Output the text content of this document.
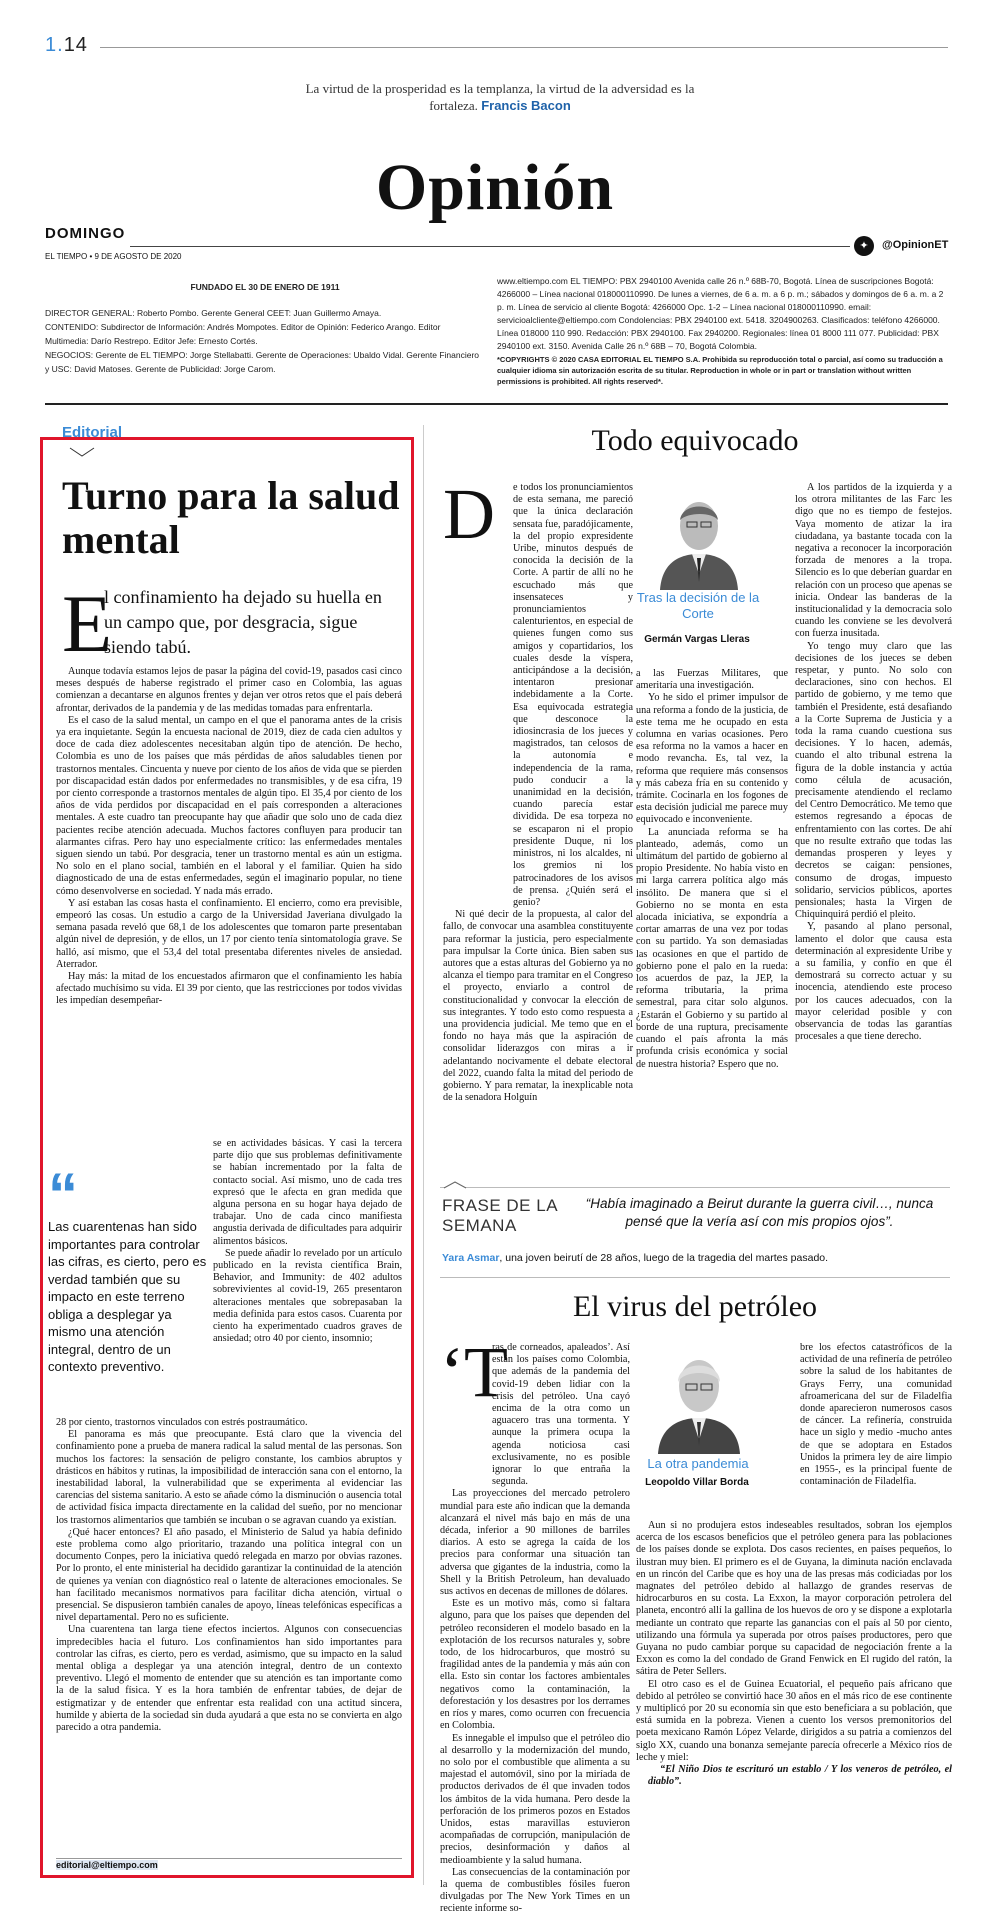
1.14
La virtud de la prosperidad es la templanza, la virtud de la adversidad es la fortaleza. Francis Bacon
Opinión
DOMINGO
EL TIEMPO • 9 DE AGOSTO DE 2020
✦	@OpinionET
FUNDADO EL 30 DE ENERO DE 1911
DIRECTOR GENERAL: Roberto Pombo. Gerente General CEET: Juan Guillermo Amaya.
CONTENIDO: Subdirector de Información: Andrés Mompotes. Editor de Opinión: Federico Arango. Editor Multimedia: Darío Restrepo. Editor Jefe: Ernesto Cortés.
NEGOCIOS: Gerente de EL TIEMPO: Jorge Stellabatti. Gerente de Operaciones: Ubaldo Vidal. Gerente Financiero y USC: David Matoses. Gerente de Publicidad: Jorge Carom.
www.eltiempo.com EL TIEMPO: PBX 2940100 Avenida calle 26 n.º 68B-70, Bogotá. Línea de suscripciones Bogotá: 4266000 – Línea nacional 018000110990. De lunes a viernes, de 6 a. m. a 6 p. m.; sábados y domingos de 6 a. m. a 2 p. m. Línea de servicio al cliente Bogotá: 4266000 Opc. 1-2 – Línea nacional 018000110990. email: servicioalcliente@eltiempo.com Condolencias: PBX 2940100 ext. 5418. 3204900263. Clasificados: teléfono 4266000. Línea 018000 110 990. Redacción: PBX 2940100. Fax 2940200. Regionales: línea 01 8000 111 077. Publicidad: PBX 2940100 ext. 3150. Avenida Calle 26 n.º 68B – 70, Bogotá Colombia.
*COPYRIGHTS © 2020 CASA EDITORIAL EL TIEMPO S.A. Prohibida su reproducción total o parcial, así como su traducción a cualquier idioma sin autorización escrita de su titular. Reproduction in whole or in part or translation without written permissions is prohibited. All rights reserved*.
Editorial
Turno para la salud mental
E
l confinamiento ha dejado su huella en un campo que, por desgracia, sigue siendo tabú.

Aunque todavía estamos lejos de pasar la página del covid-19, pasados casi cinco meses después de haberse registrado el primer caso en Colombia, las aguas comienzan a decantarse en algunos frentes y dejan ver otros retos que el país deberá afrontar, derivados de la pandemia y de las medidas tomadas para enfrentarla.

Es el caso de la salud mental, un campo en el que el panorama antes de la crisis ya era inquietante. Según la encuesta nacional de 2019, diez de cada cien adultos y doce de cada diez adolescentes necesitaban algún tipo de atención. De hecho, Colombia es uno de los países que más pérdidas de años saludables tienen por trastornos mentales. Cincuenta y nueve por ciento de los años de vida que se pierden por discapacidad están dados por enfermedades no transmisibles, y de esa cifra, 19 por ciento corresponde a trastornos mentales de algún tipo. El 35,4 por ciento de los años de vida perdidos por discapacidad en el país corresponden a alteraciones mentales. A este cuadro tan preocupante hay que añadir que solo uno de cada diez pacientes recibe atención adecuada. Muchos factores confluyen para producir tan alarmantes cifras. Pero hay uno especialmente crítico: las enfermedades mentales siguen siendo un tabú. Por desgracia, tener un trastorno mental es aún un estigma. No solo en el plano social, también en el laboral y el familiar. Quien ha sido diagnosticado de una de estas enfermedades, según el imaginario popular, no tiene cómo desenvolverse en sociedad. Y nada más errado.

Y así estaban las cosas hasta el confinamiento. El encierro, como era previsible, empeoró las cosas. Un estudio a cargo de la Universidad Javeriana divulgado la semana pasada reveló que 68,1 de los adolescentes que tomaron parte presentaban algún nivel de depresión, y de ellos, un 17 por ciento tenía sintomatología grave. Se halló, así mismo, que el 53,4 del total presentaba diferentes niveles de ansiedad. Aterrador.

Hay más: la mitad de los encuestados afirmaron que el confinamiento les había afectado muchísimo su vida. El 39 por ciento, que las restricciones por todos vividas les impedían desempeñar-

“
Las cuarentenas han sido importantes para controlar las cifras, es cierto, pero es verdad también que su impacto en este terreno obliga a desplegar ya mismo una atención integral, dentro de un contexto preventivo.

se en actividades básicas. Y casi la tercera parte dijo que sus problemas definitivamente se habían incrementado por la falta de contacto social. Así mismo, uno de cada tres expresó que le afecta en gran medida que alguna persona en su hogar haya dejado de trabajar. Uno de cada cinco manifiesta angustia derivada de dificultades para adquirir alimentos básicos.

Se puede añadir lo revelado por un artículo publicado en la revista científica Brain, Behavior, and Immunity: de 402 adultos sobrevivientes al covid-19, 265 presentaron alteraciones mentales que sobrepasaban la media definida para estos casos. Cuarenta por ciento ha experimentado cuadros graves de ansiedad; otro 40 por ciento, insomnio;

28 por ciento, trastornos vinculados con estrés postraumático.

El panorama es más que preocupante. Está claro que la vivencia del confinamiento pone a prueba de manera radical la salud mental de las personas. Son muchos los factores: la sensación de peligro constante, los cambios abruptos y drásticos en hábitos y rutinas, la imposibilidad de interacción sana con el entorno, la inestabilidad laboral, la vulnerabilidad que se experimenta al evidenciar las carencias del sistema sanitario. A esto se añade cómo la disminución o ausencia total de actividad física impacta directamente en la calidad del sueño, por no mencionar los trastornos alimentarios que también se incuban o se agravan cuando ya existían.

¿Qué hacer entonces? El año pasado, el Ministerio de Salud ya había definido este problema como algo prioritario, trazando una política integral con un documento Conpes, pero la iniciativa quedó relegada en marzo por obvias razones. Por lo pronto, el ente ministerial ha decidido garantizar la continuidad de la atención de quienes ya venían con diagnóstico real o latente de alteraciones emocionales. Se han facilitado mecanismos normativos para facilitar dicha atención, virtual o presencial. Se dispusieron también canales de apoyo, líneas telefónicas específicas a nivel departamental. Pero no es suficiente.

Una cuarentena tan larga tiene efectos inciertos. Algunos con consecuencias impredecibles hacia el futuro. Los confinamientos han sido importantes para controlar las cifras, es cierto, pero es verdad, asimismo, que su impacto en la salud mental obliga a desplegar ya una atención integral, dentro de un contexto preventivo. Llegó el momento de entender que su atención es tan importante como la de la salud física. Y es la hora también de enfrentar tabúes, de dejar de estigmatizar y de entender que enfrentar esta realidad con una actitud sincera, humilde y abierta de la sociedad sin duda ayudará a que esta no se convierta en algo parecido a otra pandemia.

editorial@eltiempo.com
Todo equivocado
D	e todos los pronunciamientos de esta semana, me pareció que la única declaración sensata fue, paradójicamente, la del propio expresidente Uribe, minutos después de conocida la decisión de la Corte. A partir de allí no he escuchado más que insensateces y pronunciamientos calenturientos, en especial de quienes fungen como sus amigos y copartidarios, los cuales desde la víspera, anticipándose a la decisión, intentaron presionar indebidamente a la Corte. Esa equivocada estrategia que desconoce la idiosincrasia de los jueces y magistrados, tan celosos de la autonomía e independencia de la rama, pudo conducir a la unanimidad en la decisión, cuando parecía estar dividida. De esa torpeza no se escaparon ni el propio presidente Duque, ni los ministros, ni los alcaldes, ni los gremios ni los patrocinadores de los avisos de prensa. ¿Quién será el genio?

Ni qué decir de la propuesta, al calor del fallo, de convocar una asamblea constituyente para reformar la justicia, pero especialmente para impulsar la Corte única. Bien saben sus autores que a estas alturas del Gobierno ya no alcanza el tiempo para tramitar en el Congreso el proyecto, enviarlo a control de constitucionalidad y convocar la elección de sus integrantes. Y todo esto como respuesta a una providencia judicial. Me temo que en el fondo no haya más que la aspiración de consolidar liderazgos con miras a ir adelantando nocivamente el debate electoral del 2022, cuando falta la mitad del periodo de gobierno. Y para rematar, la inexplicable nota de la senadora Holguín

Tras la decisión de la Corte
Germán Vargas Lleras

a las Fuerzas Militares, que ameritaría una investigación.

Yo he sido el primer impulsor de una reforma a fondo de la justicia, de este tema me he ocupado en esta columna en varias ocasiones. Pero esa reforma no la vamos a hacer en modo revancha. Es, tal vez, la reforma que requiere más consensos y más cabeza fría en su contenido y trámite. Cocinarla en los fogones de esta decisión judicial me parece muy equivocado e inconveniente.

La anunciada reforma se ha planteado, además, como un ultimátum del partido de gobierno al propio Presidente. No había visto en mi larga carrera política algo más insólito. De manera que si el Gobierno no se monta en esta alocada iniciativa, se expondría a cortar amarras de una vez por todas con su partido. Ya son demasiadas las ocasiones en que el partido de gobierno pone el palo en la rueda: los acuerdos de paz, la JEP, la reforma tributaria, la prima semestral, para citar solo algunos. ¿Estarán el Gobierno y su partido al borde de una ruptura, precisamente cuando el país afronta la más profunda crisis económica y social de nuestra historia? Espero que no.

A los partidos de la izquierda y a los otrora militantes de las Farc les digo que no es tiempo de festejos. Vaya momento de atizar la ira ciudadana, ya bastante tocada con la negativa a reconocer la incorporación forzada de menores a la tropa. Silencio es lo que deberían guardar en relación con un proceso que apenas se inicia. Ondear las banderas de la institucionalidad y la democracia solo cuando les conviene se les devolverá con fuerza inusitada.

Yo tengo muy claro que las decisiones de los jueces se deben respetar, y punto. No solo con declaraciones, sino con hechos. El partido de gobierno, y me temo que también el Presidente, está desafiando a la Corte Suprema de Justicia y a toda la rama cuando cuestiona sus decisiones. Y lo hacen, además, cuando el alto tribunal estrena la figura de la doble instancia y actúa como célula de acusación, precisamente atendiendo el reclamo del Centro Democrático. Me temo que estemos regresando a épocas de enfrentamiento con las cortes. De ahí que no resulte extraño que todas las demandas prosperen y leyes y decretos se caigan: pensiones, consumo de drogas, impuesto solidario, servicios públicos, aportes pensionales; hasta la Virgen de Chiquinquirá perdió el pleito.

Y, pasando al plano personal, lamento el dolor que causa esta determinación al expresidente Uribe y a su familia, y confío en que él demostrará su correcto actuar y su inocencia, atendiendo este proceso por los cauces adecuados, con la mayor celeridad posible y con observancia de todas las garantías procesales a que tiene derecho.

FRASE DE LA SEMANA
“Había imaginado a Beirut durante la guerra civil…, nunca pensé que la vería así con mis propios ojos”.
Yara Asmar, una joven beirutí de 28 años, luego de la tragedia del martes pasado.
El virus del petróleo
‘T

ras de corneados, apaleados’. Así están los países como Colombia, que además de la pandemia del covid-19 deben lidiar con la crisis del petróleo. Una cayó encima de la otra como un aguacero tras una tormenta. Y aunque la primera ocupa la agenda noticiosa casi exclusivamente, no es posible ignorar lo que entraña la segunda.

Las proyecciones del mercado petrolero mundial para este año indican que la demanda alcanzará el nivel más bajo en más de una década, inferior a 90 millones de barriles diarios. A esto se agrega la caída de los precios para conformar una situación tan adversa que gigantes de la industria, como la Shell y la British Petroleum, han devaluado sus activos en decenas de millones de dólares.

Este es un motivo más, como si faltara alguno, para que los países que dependen del petróleo reconsideren el modelo basado en la explotación de los recursos naturales y, sobre todo, de los hidrocarburos, que mostró su fragilidad antes de la pandemia y más aún con ella. Esto sin contar los factores ambientales negativos como la contaminación, la deforestación y los desastres por los derrames en ríos y mares, como ocurren con frecuencia en Colombia.

Es innegable el impulso que el petróleo dio al desarrollo y la modernización del mundo, no solo por el combustible que alimenta a su majestad el automóvil, sino por la miríada de productos derivados de él que invaden todos los ámbitos de la vida humana. Pero desde la perforación de los primeros pozos en Estados Unidos, estas maravillas estuvieron acompañadas de corrupción, manipulación de precios, desinformación y daños al medioambiente y la salud humana.

Las consecuencias de la contaminación por la quema de combustibles fósiles fueron divulgadas por The New York Times en un reciente informe so-

La otra pandemia
Leopoldo Villar Borda

bre los efectos catastróficos de la actividad de una refinería de petróleo sobre la salud de los habitantes de Grays Ferry, una comunidad afroamericana del sur de Filadelfia donde aparecieron numerosos casos de cáncer. La refinería, construida hace un siglo y medio -mucho antes de que se adoptara en Estados Unidos la primera ley de aire limpio en 1955-, es la principal fuente de contaminación de Filadelfia.

Aun si no produjera estos indeseables resultados, sobran los ejemplos acerca de los escasos beneficios que el petróleo genera para las poblaciones de los países donde se explota. Dos casos recientes, en países pequeños, lo ilustran muy bien. El primero es el de Guyana, la diminuta nación enclavada en un rincón del Caribe que es hoy una de las presas más codiciadas por los magnates del petróleo debido al hallazgo de grandes reservas de hidrocarburos en su costa. La Exxon, la mayor corporación petrolera del planeta, encontró allí la gallina de los huevos de oro y se dispone a explotarla mediante un contrato que reparte las ganancias con el país al 50 por ciento, utilizando una fórmula ya superada por otros países productores, pero que Guyana no pudo cambiar porque su capacidad de negociación frente a la Exxon es como la del condado de Grand Fenwick en El rugido del ratón, la sátira de Peter Sellers.

El otro caso es el de Guinea Ecuatorial, el pequeño país africano que debido al petróleo se convirtió hace 30 años en el más rico de ese continente y multiplicó por 20 su economía sin que esto beneficiara a su población, que está sumida en la pobreza. Vienen a cuento los versos premonitorios del poeta mexicano Ramón López Velarde, dirigidos a su patria a comienzos del siglo XX, cuando una bonanza semejante parecía ofrecerle a México ríos de leche y miel:

“El Niño Dios te escrituró un establo / Y los veneros de petróleo, el diablo”.
